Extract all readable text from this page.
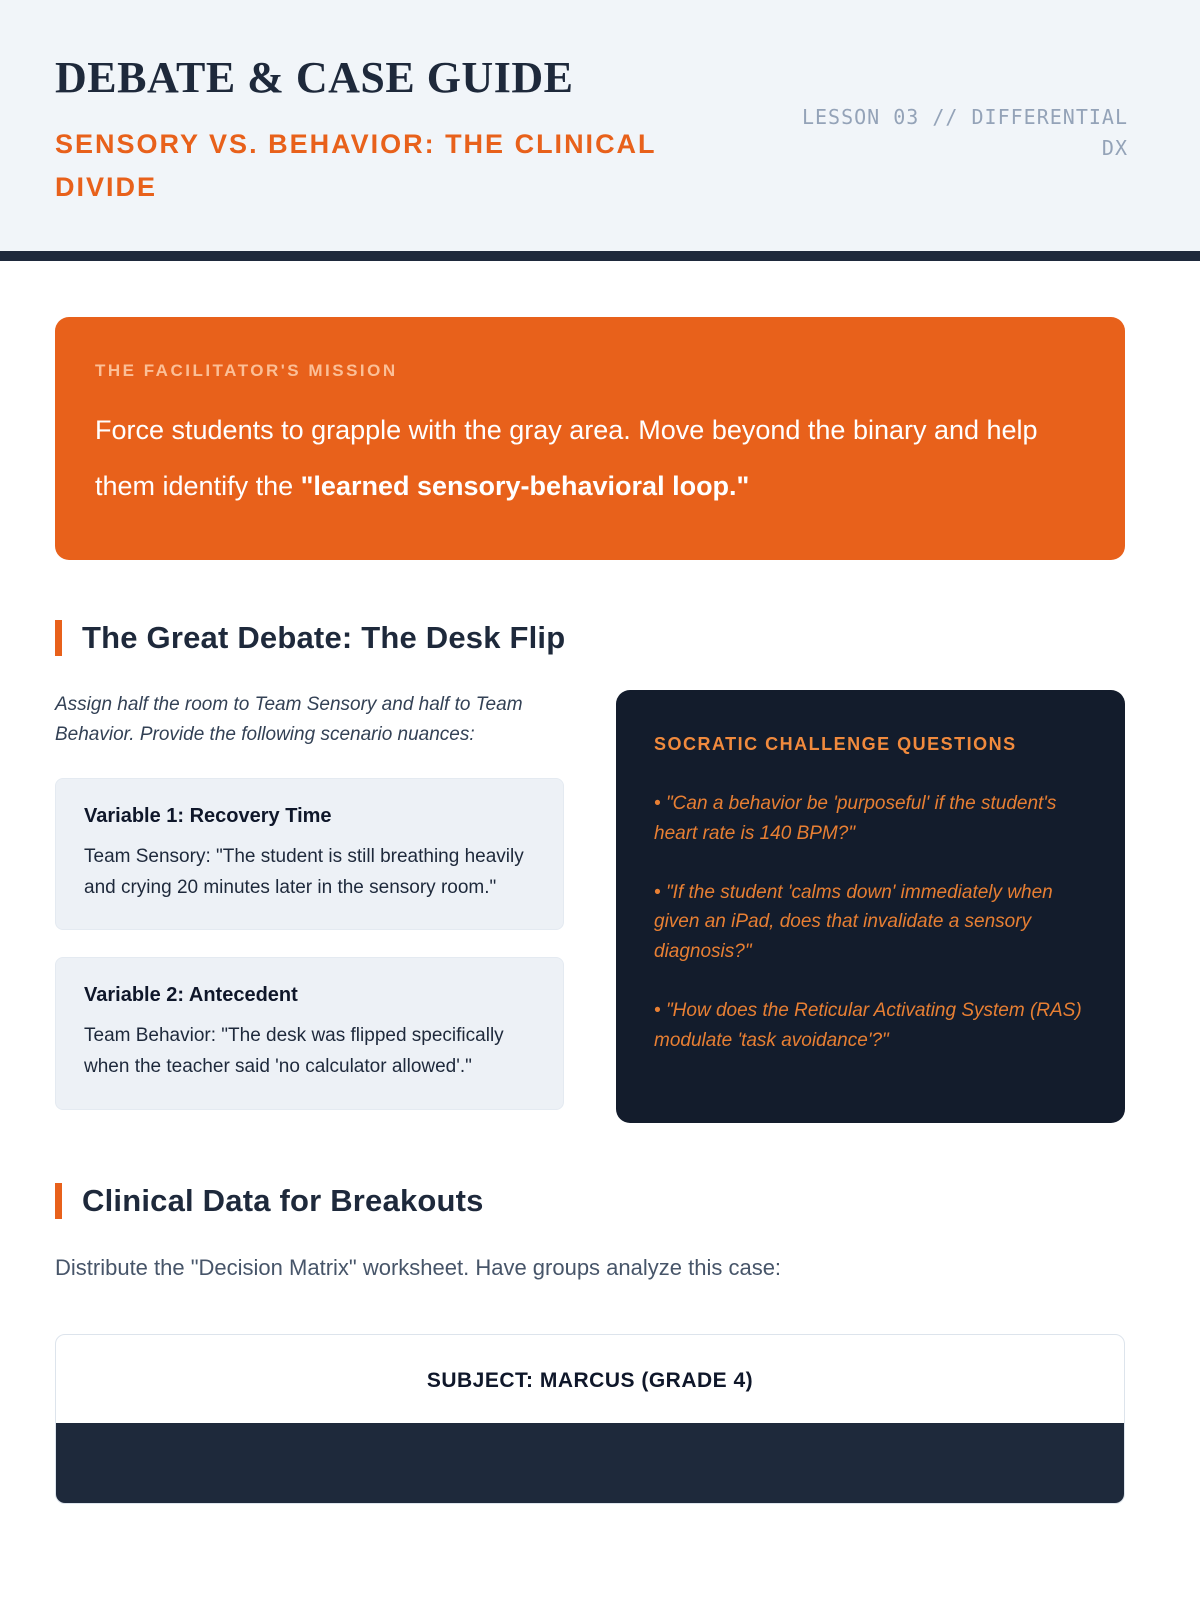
DEBATE & CASE GUIDE
SENSORY VS. BEHAVIOR: THE CLINICAL DIVIDE
LESSON 03 // DIFFERENTIAL DX
THE FACILITATOR'S MISSION

Force students to grapple with the gray area. Move beyond the binary and help them identify the "learned sensory-behavioral loop."

The Great Debate: The Desk Flip

Assign half the room to Team Sensory and half to Team Behavior. Provide the following scenario nuances:

Variable 1: Recovery Time
Team Sensory: "The student is still breathing heavily and crying 20 minutes later in the sensory room."
Variable 2: Antecedent
Team Behavior: "The desk was flipped specifically when the teacher said 'no calculator allowed'."
SOCRATIC CHALLENGE QUESTIONS
• "Can a behavior be 'purposeful' if the student's heart rate is 140 BPM?"
• "If the student 'calms down' immediately when given an iPad, does that invalidate a sensory diagnosis?"
• "How does the Reticular Activating System (RAS) modulate 'task avoidance'?"
Clinical Data for Breakouts

Distribute the "Decision Matrix" worksheet. Have groups analyze this case:

SUBJECT: MARCUS (GRADE 4)
